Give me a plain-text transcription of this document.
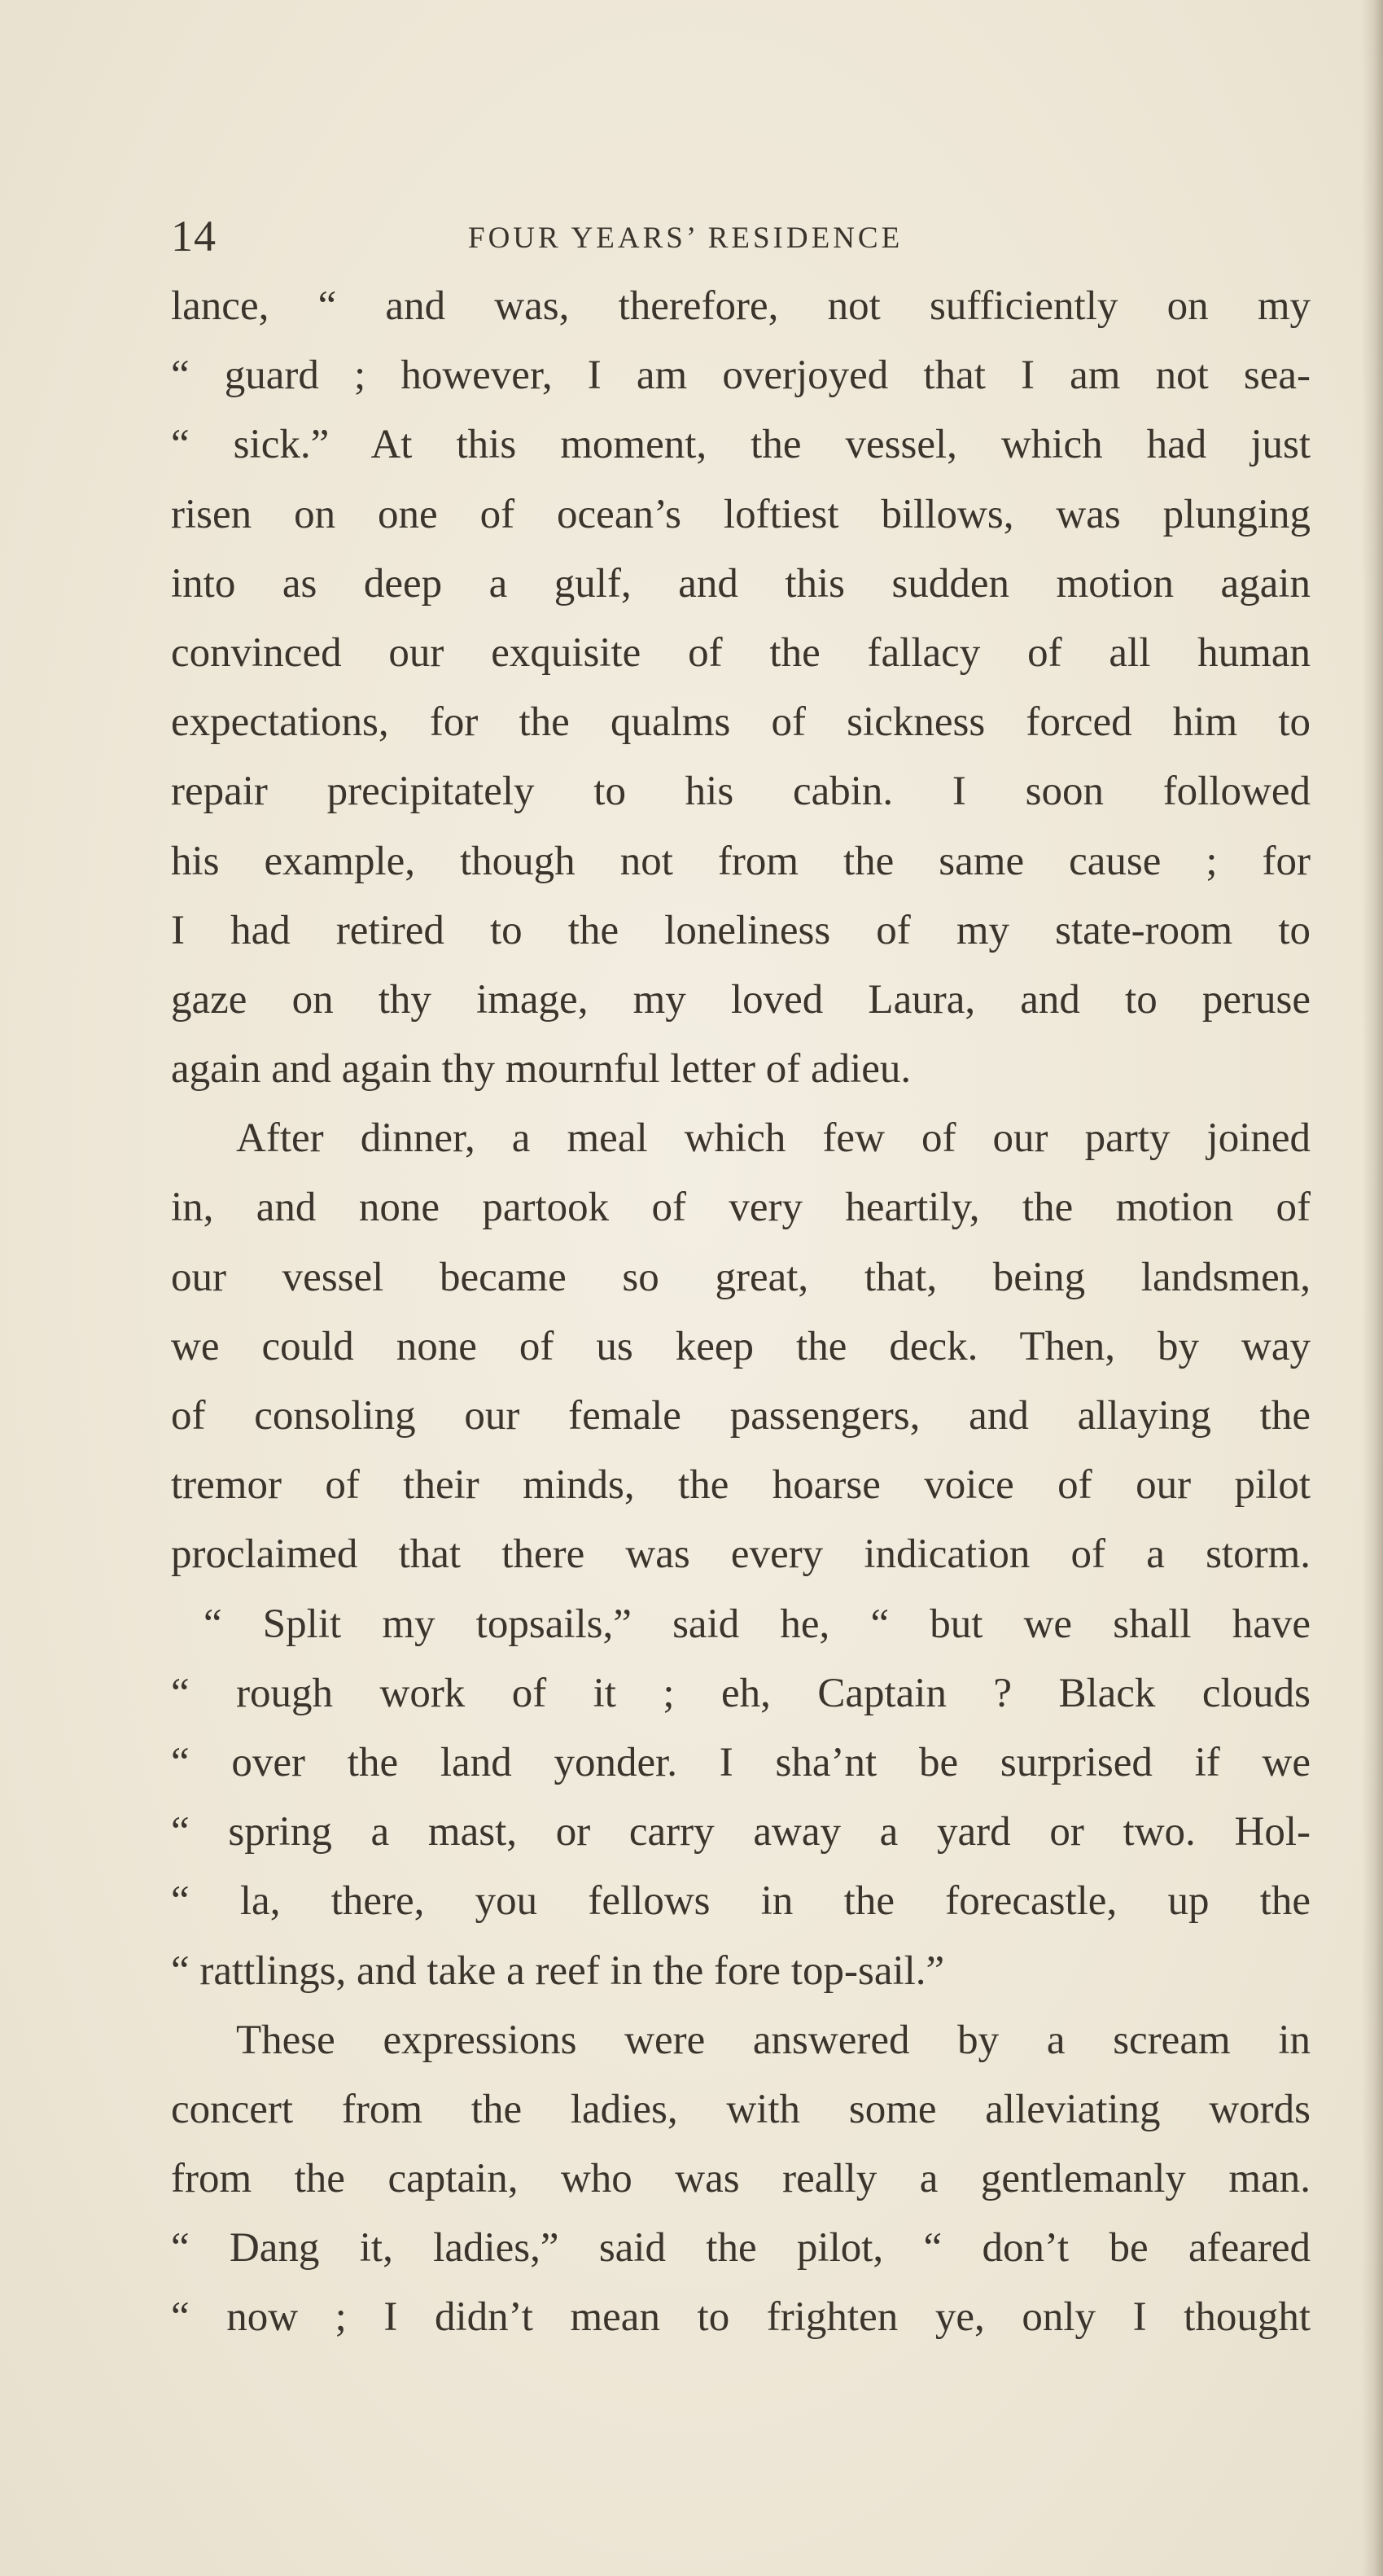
14	FOUR YEARS’ RESIDENCE
lance, “ and was, therefore, not sufficiently on my
“ guard ; however, I am overjoyed that I am not sea-
“ sick.” At this moment, the vessel, which had just
risen on one of ocean’s loftiest billows, was plunging
into as deep a gulf, and this sudden motion again
convinced our exquisite of the fallacy of all human
expectations, for the qualms of sickness forced him to
repair precipitately to his cabin. I soon followed
his example, though not from the same cause ; for
I had retired to the loneliness of my state-room to
gaze on thy image, my loved Laura, and to peruse
again and again thy mournful letter of adieu.
After dinner, a meal which few of our party joined
in, and none partook of very heartily, the motion of
our vessel became so great, that, being landsmen,
we could none of us keep the deck. Then, by way
of consoling our female passengers, and allaying the
tremor of their minds, the hoarse voice of our pilot
proclaimed that there was every indication of a storm.
“ Split my topsails,” said he, “ but we shall have
“ rough work of it ; eh, Captain ? Black clouds
“ over the land yonder. I sha’nt be surprised if we
“ spring a mast, or carry away a yard or two. Hol-
“ la, there, you fellows in the forecastle, up the
“ rattlings, and take a reef in the fore top-sail.”
These expressions were answered by a scream in
concert from the ladies, with some alleviating words
from the captain, who was really a gentlemanly man.
“ Dang it, ladies,” said the pilot, “ don’t be afeared
“ now ; I didn’t mean to frighten ye, only I thought
